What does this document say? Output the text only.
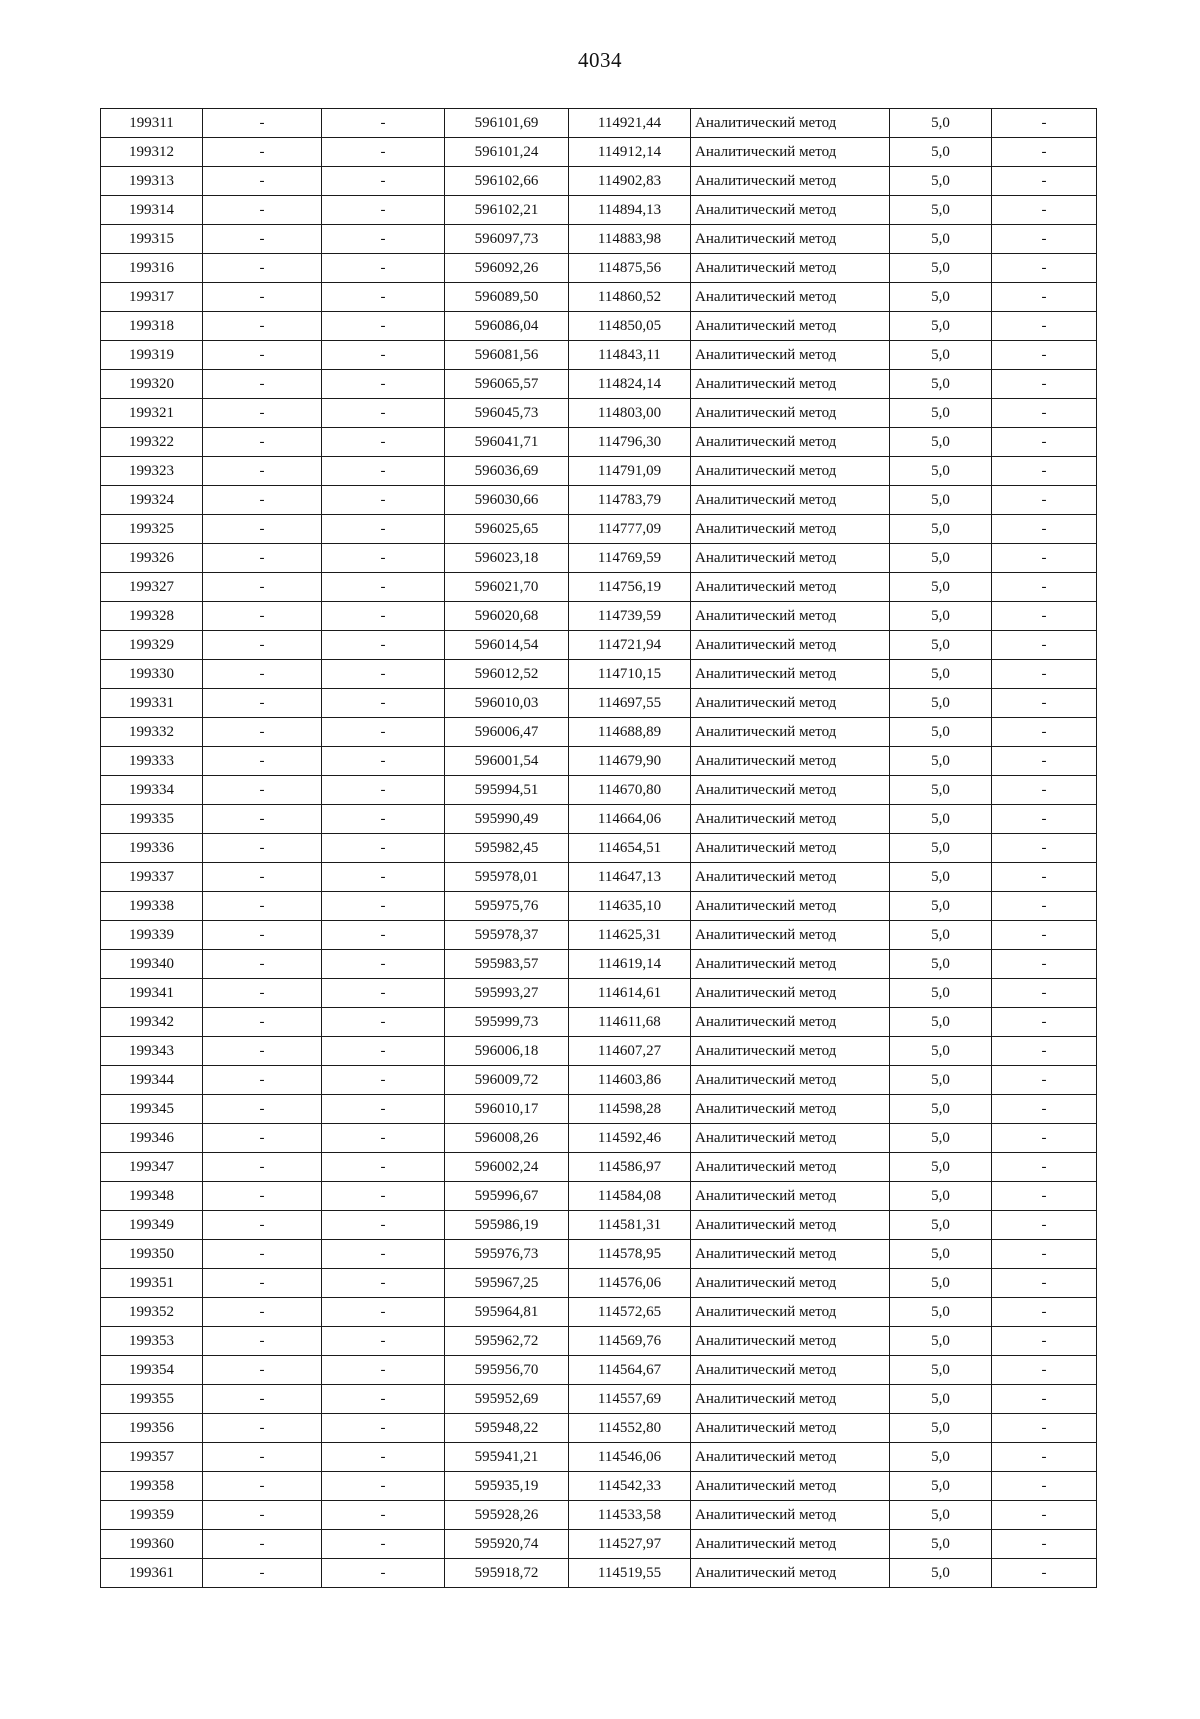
4034
199311	-	-	596101,69	114921,44	Аналитический метод	5,0	-
199312	-	-	596101,24	114912,14	Аналитический метод	5,0	-
199313	-	-	596102,66	114902,83	Аналитический метод	5,0	-
199314	-	-	596102,21	114894,13	Аналитический метод	5,0	-
199315	-	-	596097,73	114883,98	Аналитический метод	5,0	-
199316	-	-	596092,26	114875,56	Аналитический метод	5,0	-
199317	-	-	596089,50	114860,52	Аналитический метод	5,0	-
199318	-	-	596086,04	114850,05	Аналитический метод	5,0	-
199319	-	-	596081,56	114843,11	Аналитический метод	5,0	-
199320	-	-	596065,57	114824,14	Аналитический метод	5,0	-
199321	-	-	596045,73	114803,00	Аналитический метод	5,0	-
199322	-	-	596041,71	114796,30	Аналитический метод	5,0	-
199323	-	-	596036,69	114791,09	Аналитический метод	5,0	-
199324	-	-	596030,66	114783,79	Аналитический метод	5,0	-
199325	-	-	596025,65	114777,09	Аналитический метод	5,0	-
199326	-	-	596023,18	114769,59	Аналитический метод	5,0	-
199327	-	-	596021,70	114756,19	Аналитический метод	5,0	-
199328	-	-	596020,68	114739,59	Аналитический метод	5,0	-
199329	-	-	596014,54	114721,94	Аналитический метод	5,0	-
199330	-	-	596012,52	114710,15	Аналитический метод	5,0	-
199331	-	-	596010,03	114697,55	Аналитический метод	5,0	-
199332	-	-	596006,47	114688,89	Аналитический метод	5,0	-
199333	-	-	596001,54	114679,90	Аналитический метод	5,0	-
199334	-	-	595994,51	114670,80	Аналитический метод	5,0	-
199335	-	-	595990,49	114664,06	Аналитический метод	5,0	-
199336	-	-	595982,45	114654,51	Аналитический метод	5,0	-
199337	-	-	595978,01	114647,13	Аналитический метод	5,0	-
199338	-	-	595975,76	114635,10	Аналитический метод	5,0	-
199339	-	-	595978,37	114625,31	Аналитический метод	5,0	-
199340	-	-	595983,57	114619,14	Аналитический метод	5,0	-
199341	-	-	595993,27	114614,61	Аналитический метод	5,0	-
199342	-	-	595999,73	114611,68	Аналитический метод	5,0	-
199343	-	-	596006,18	114607,27	Аналитический метод	5,0	-
199344	-	-	596009,72	114603,86	Аналитический метод	5,0	-
199345	-	-	596010,17	114598,28	Аналитический метод	5,0	-
199346	-	-	596008,26	114592,46	Аналитический метод	5,0	-
199347	-	-	596002,24	114586,97	Аналитический метод	5,0	-
199348	-	-	595996,67	114584,08	Аналитический метод	5,0	-
199349	-	-	595986,19	114581,31	Аналитический метод	5,0	-
199350	-	-	595976,73	114578,95	Аналитический метод	5,0	-
199351	-	-	595967,25	114576,06	Аналитический метод	5,0	-
199352	-	-	595964,81	114572,65	Аналитический метод	5,0	-
199353	-	-	595962,72	114569,76	Аналитический метод	5,0	-
199354	-	-	595956,70	114564,67	Аналитический метод	5,0	-
199355	-	-	595952,69	114557,69	Аналитический метод	5,0	-
199356	-	-	595948,22	114552,80	Аналитический метод	5,0	-
199357	-	-	595941,21	114546,06	Аналитический метод	5,0	-
199358	-	-	595935,19	114542,33	Аналитический метод	5,0	-
199359	-	-	595928,26	114533,58	Аналитический метод	5,0	-
199360	-	-	595920,74	114527,97	Аналитический метод	5,0	-
199361	-	-	595918,72	114519,55	Аналитический метод	5,0	-
